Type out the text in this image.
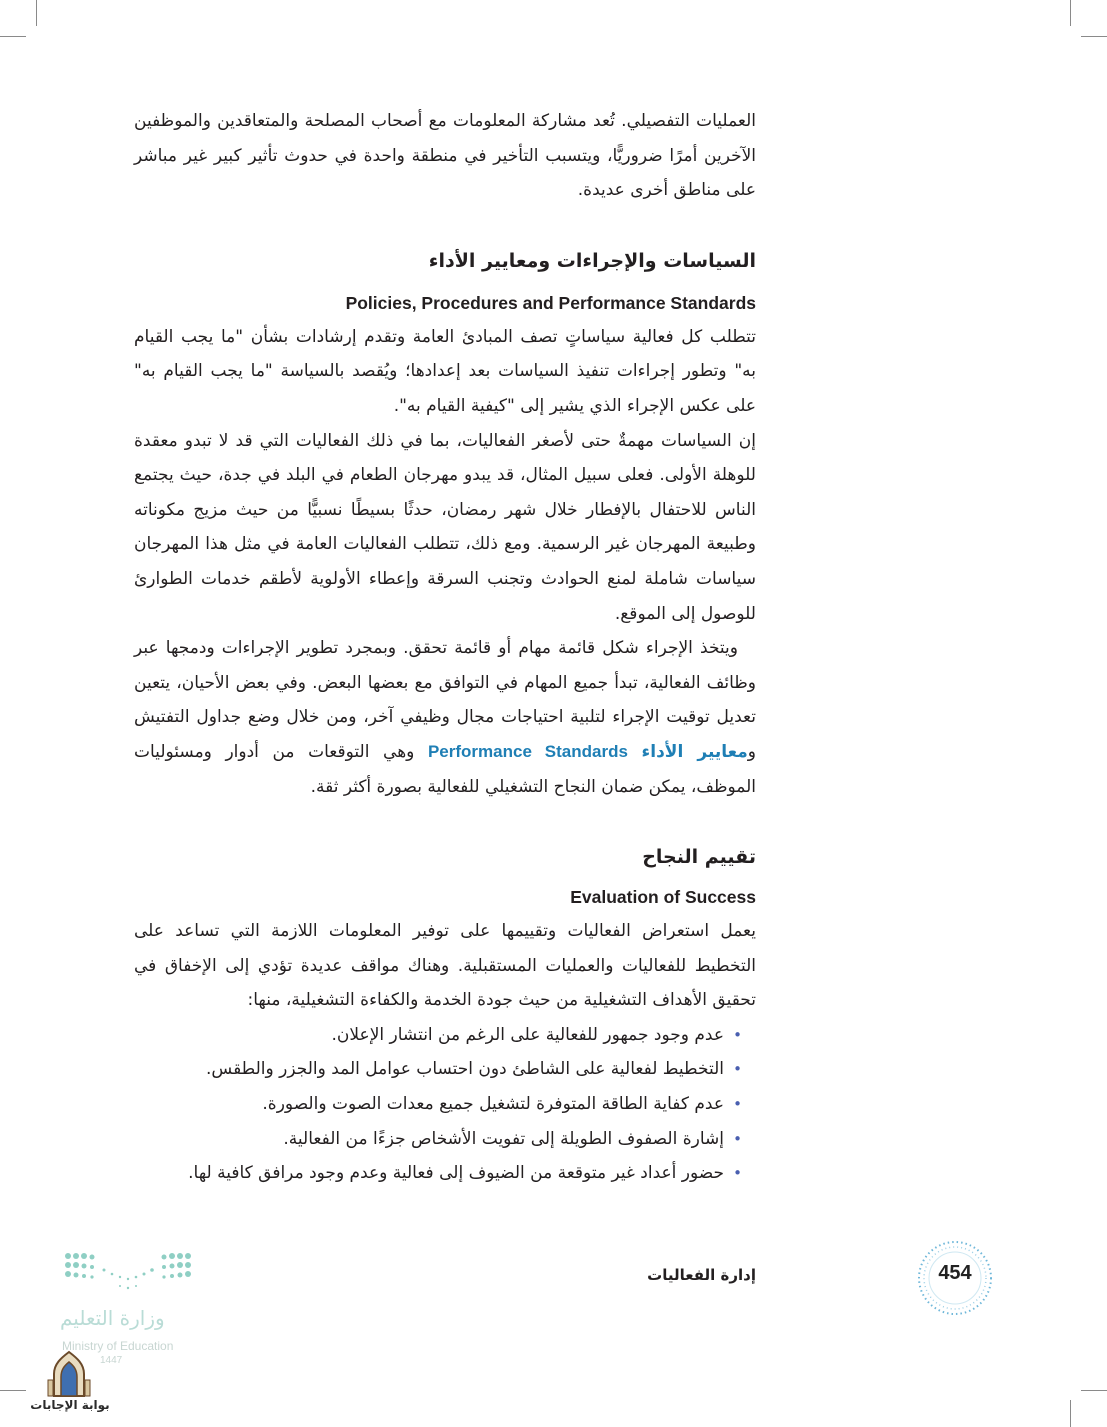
العمليات التفصيلي. تُعد مشاركة المعلومات مع أصحاب المصلحة والمتعاقدين والموظفين الآخرين أمرًا ضروريًّا، ويتسبب التأخير في منطقة واحدة في حدوث تأثير كبير غير مباشر على مناطق أخرى عديدة.

السياسات والإجراءات ومعايير الأداء

Policies, Procedures and Performance Standards

تتطلب كل فعالية سياساتٍ تصف المبادئ العامة وتقدم إرشادات بشأن "ما يجب القيام به" وتطور إجراءات تنفيذ السياسات بعد إعدادها؛ ويُقصد بالسياسة "ما يجب القيام به" على عكس الإجراء الذي يشير إلى "كيفية القيام به".

إن السياسات مهمةٌ حتى لأصغر الفعاليات، بما في ذلك الفعاليات التي قد لا تبدو معقدة للوهلة الأولى. فعلى سبيل المثال، قد يبدو مهرجان الطعام في البلد في جدة، حيث يجتمع الناس للاحتفال بالإفطار خلال شهر رمضان، حدثًا بسيطًا نسبيًّا من حيث مزيج مكوناته وطبيعة المهرجان غير الرسمية. ومع ذلك، تتطلب الفعاليات العامة في مثل هذا المهرجان سياسات شاملة لمنع الحوادث وتجنب السرقة وإعطاء الأولوية لأطقم خدمات الطوارئ للوصول إلى الموقع.

ويتخذ الإجراء شكل قائمة مهام أو قائمة تحقق. وبمجرد تطوير الإجراءات ودمجها عبر وظائف الفعالية، تبدأ جميع المهام في التوافق مع بعضها البعض. وفي بعض الأحيان، يتعين تعديل توقيت الإجراء لتلبية احتياجات مجال وظيفي آخر، ومن خلال وضع جداول التفتيش ومعايير الأداء Performance Standards وهي التوقعات من أدوار ومسئوليات الموظف، يمكن ضمان النجاح التشغيلي للفعالية بصورة أكثر ثقة.

تقييم النجاح

Evaluation of Success

يعمل استعراض الفعاليات وتقييمها على توفير المعلومات اللازمة التي تساعد على التخطيط للفعاليات والعمليات المستقبلية. وهناك مواقف عديدة تؤدي إلى الإخفاق في تحقيق الأهداف التشغيلية من حيث جودة الخدمة والكفاءة التشغيلية، منها:

•
عدم وجود جمهور للفعالية على الرغم من انتشار الإعلان.
•
التخطيط لفعالية على الشاطئ دون احتساب عوامل المد والجزر والطقس.
•
عدم كفاية الطاقة المتوفرة لتشغيل جميع معدات الصوت والصورة.
•
إشارة الصفوف الطويلة إلى تفويت الأشخاص جزءًا من الفعالية.
•
حضور أعداد غير متوقعة من الضيوف إلى فعالية وعدم وجود مرافق كافية لها.
إدارة الفعاليات	454
وزارة التعليم
Ministry of Education
1447
بوابة الإجابات
